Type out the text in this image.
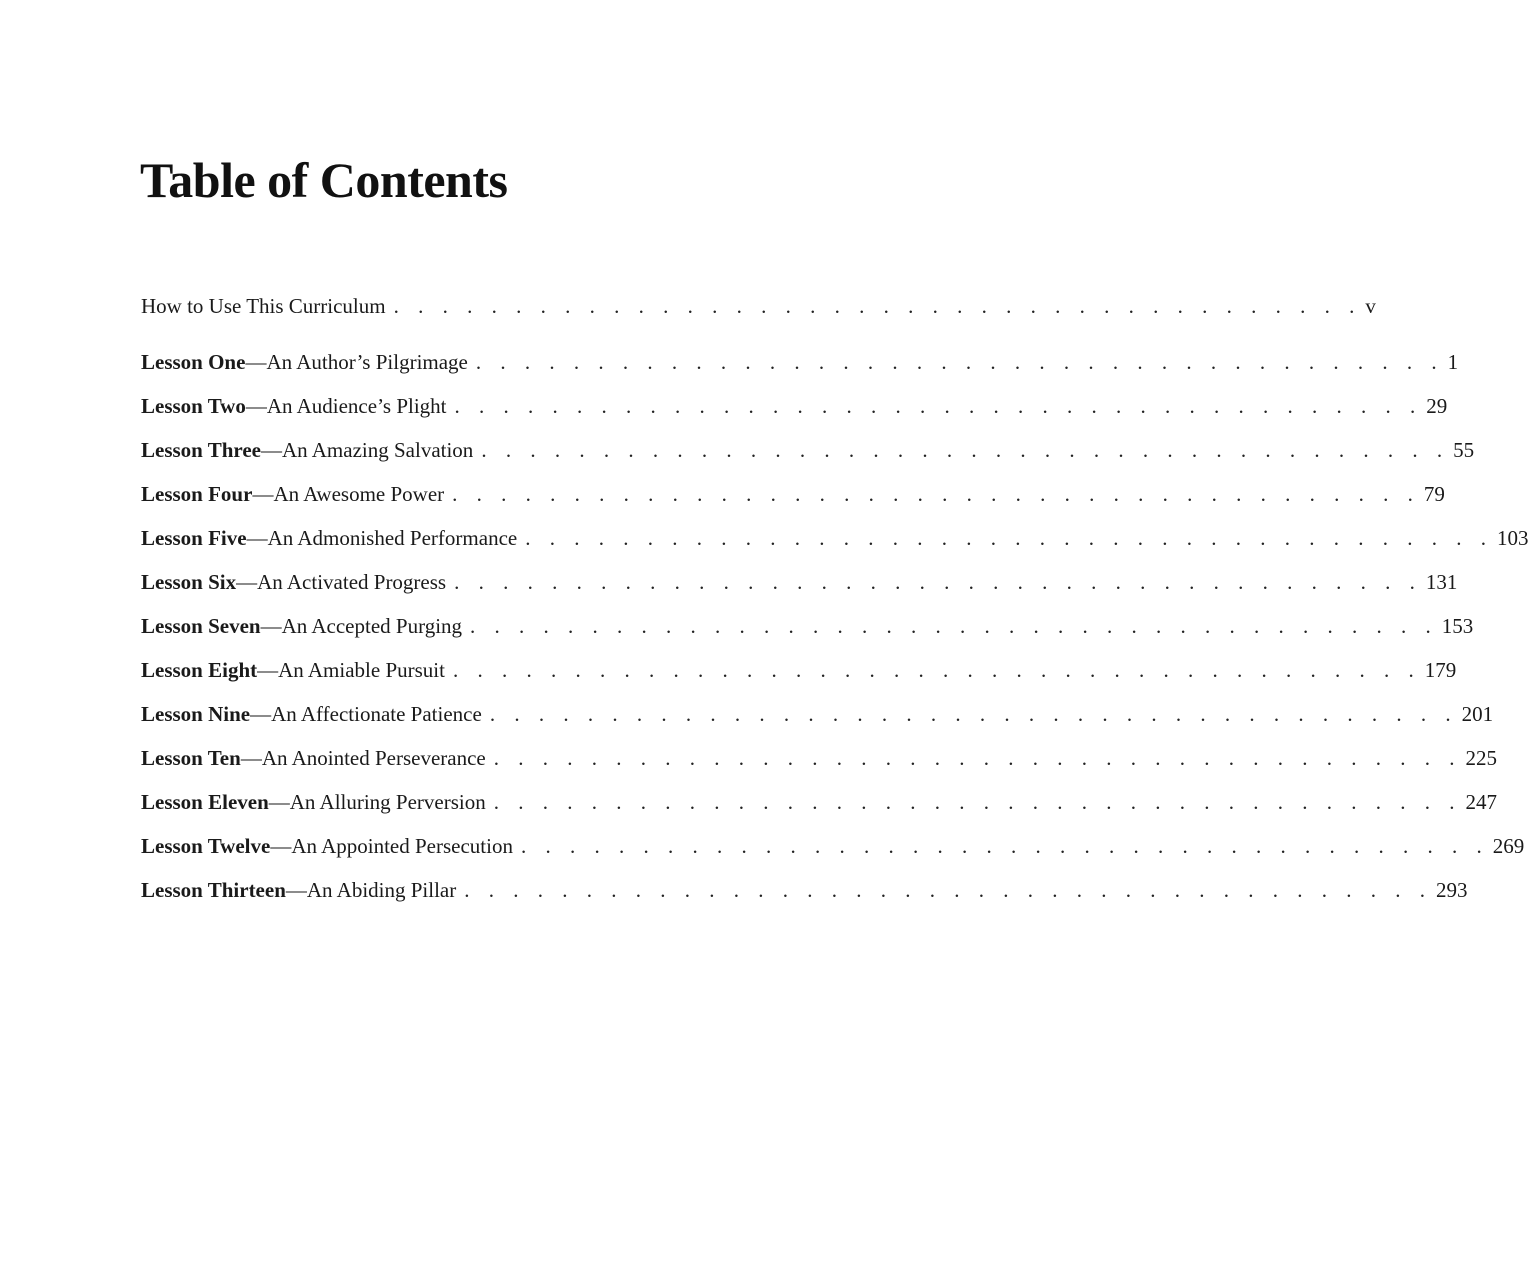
Table of Contents
How to Use This Curriculum . . . . . . . . . . . . . . . . . . . . . . . . . . . . . . . . . . . . . . . . v
Lesson One—An Author’s Pilgrimage . . . . . . . . . . . . . . . . . . . . . . . . . . . . . . . . . . . . . . . . 1
Lesson Two—An Audience’s Plight . . . . . . . . . . . . . . . . . . . . . . . . . . . . . . . . . . . . . . . . 29
Lesson Three—An Amazing Salvation . . . . . . . . . . . . . . . . . . . . . . . . . . . . . . . . . . . . . . . . 55
Lesson Four—An Awesome Power . . . . . . . . . . . . . . . . . . . . . . . . . . . . . . . . . . . . . . . . 79
Lesson Five—An Admonished Performance . . . . . . . . . . . . . . . . . . . . . . . . . . . . . . . . . . . . . . . . 103
Lesson Six—An Activated Progress . . . . . . . . . . . . . . . . . . . . . . . . . . . . . . . . . . . . . . . . 131
Lesson Seven—An Accepted Purging . . . . . . . . . . . . . . . . . . . . . . . . . . . . . . . . . . . . . . . . 153
Lesson Eight—An Amiable Pursuit . . . . . . . . . . . . . . . . . . . . . . . . . . . . . . . . . . . . . . . . 179
Lesson Nine—An Affectionate Patience . . . . . . . . . . . . . . . . . . . . . . . . . . . . . . . . . . . . . . . . 201
Lesson Ten—An Anointed Perseverance . . . . . . . . . . . . . . . . . . . . . . . . . . . . . . . . . . . . . . . . 225
Lesson Eleven—An Alluring Perversion . . . . . . . . . . . . . . . . . . . . . . . . . . . . . . . . . . . . . . . . 247
Lesson Twelve—An Appointed Persecution . . . . . . . . . . . . . . . . . . . . . . . . . . . . . . . . . . . . . . . . 269
Lesson Thirteen—An Abiding Pillar . . . . . . . . . . . . . . . . . . . . . . . . . . . . . . . . . . . . . . . . 293
